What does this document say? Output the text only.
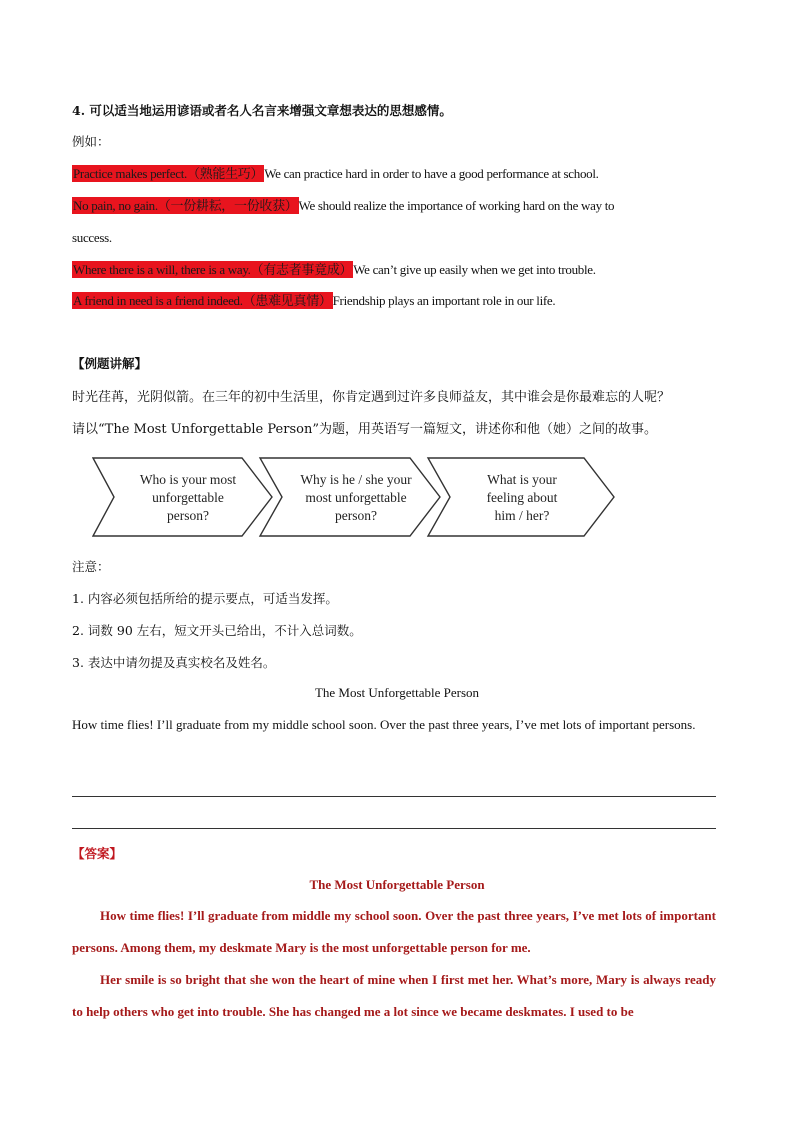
4. 可以适当地运用谚语或者名人名言来增强文章想表达的思想感情。
例如：
Practice makes perfect.（熟能生巧）We can practice hard in order to have a good performance at school.
No pain, no gain.（一份耕耘，一份收获）We should realize the importance of working hard on the way to
success.
Where there is a will, there is a way.（有志者事竟成）We can’t give up easily when we get into trouble.
A friend in need is a friend indeed.（患难见真情）Friendship plays an important role in our life.
【例题讲解】
时光荏苒，光阴似箭。在三年的初中生活里，你肯定遇到过许多良师益友，其中谁会是你最难忘的人呢？
请以“The Most Unforgettable Person”为题，用英语写一篇短文，讲述你和他（她）之间的故事。
Who is your most
unforgettable
person?
Why is he / she your
most unforgettable
person?
What is your
feeling about
him / her?
注意：
1. 内容必须包括所给的提示要点，可适当发挥。
2. 词数 90 左右，短文开头已给出，不计入总词数。
3. 表达中请勿提及真实校名及姓名。
The Most Unforgettable Person
How time flies! I’ll graduate from my middle school soon. Over the past three years, I’ve met lots of important persons.
【答案】
The Most Unforgettable Person
How time flies! I’ll graduate from middle my school soon. Over the past three years, I’ve met lots of important persons. Among them, my deskmate Mary is the most unforgettable person for me.
Her smile is so bright that she won the heart of mine when I first met her. What’s more, Mary is always ready to help others who get into trouble. She has changed me a lot since we became deskmates. I used to be
